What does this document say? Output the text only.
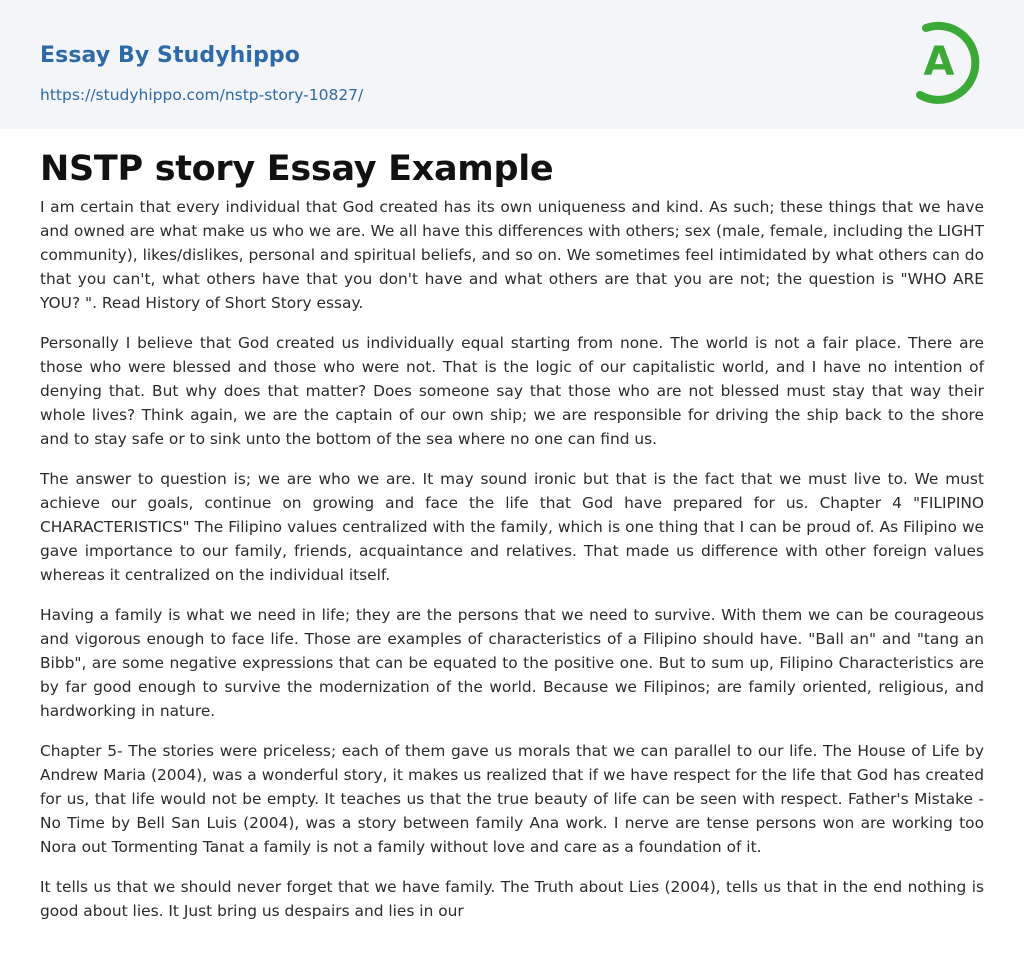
Essay By Studyhippo
https://studyhippo.com/nstp-story-10827/
A
NSTP story Essay Example

I am certain that every individual that God created has its own uniqueness and kind. As such; these things that we have and owned are what make us who we are. We all have this differences with others; sex (male, female, including the LIGHT community), likes/dislikes, personal and spiritual beliefs, and so on. We sometimes feel intimidated by what others can do that you can't, what others have that you don't have and what others are that you are not; the question is "WHO ARE YOU? ". Read History of Short Story essay.

Personally I believe that God created us individually equal starting from none. The world is not a fair place. There are those who were blessed and those who were not. That is the logic of our capitalistic world, and I have no intention of denying that. But why does that matter? Does someone say that those who are not blessed must stay that way their whole lives? Think again, we are the captain of our own ship; we are responsible for driving the ship back to the shore and to stay safe or to sink unto the bottom of the sea where no one can find us.

The answer to question is; we are who we are. It may sound ironic but that is the fact that we must live to. We must achieve our goals, continue on growing and face the life that God have prepared for us. Chapter 4 "FILIPINO CHARACTERISTICS" The Filipino values centralized with the family, which is one thing that I can be proud of. As Filipino we gave importance to our family, friends, acquaintance and relatives. That made us difference with other foreign values whereas it centralized on the individual itself.

Having a family is what we need in life; they are the persons that we need to survive. With them we can be courageous and vigorous enough to face life. Those are examples of characteristics of a Filipino should have. "Ball an" and "tang an Bibb", are some negative expressions that can be equated to the positive one. But to sum up, Filipino Characteristics are by far good enough to survive the modernization of the world. Because we Filipinos; are family oriented, religious, and hardworking in nature.

Chapter 5- The stories were priceless; each of them gave us morals that we can parallel to our life. The House of Life by Andrew Maria (2004), was a wonderful story, it makes us realized that if we have respect for the life that God has created for us, that life would not be empty. It teaches us that the true beauty of life can be seen with respect. Father's Mistake - No Time by Bell San Luis (2004), was a story between family Ana work. I nerve are tense persons won are working too Nora out Tormenting Tanat a family is not a family without love and care as a foundation of it.

It tells us that we should never forget that we have family. The Truth about Lies (2004), tells us that in the end nothing is good about lies. It Just bring us despairs and lies in our
